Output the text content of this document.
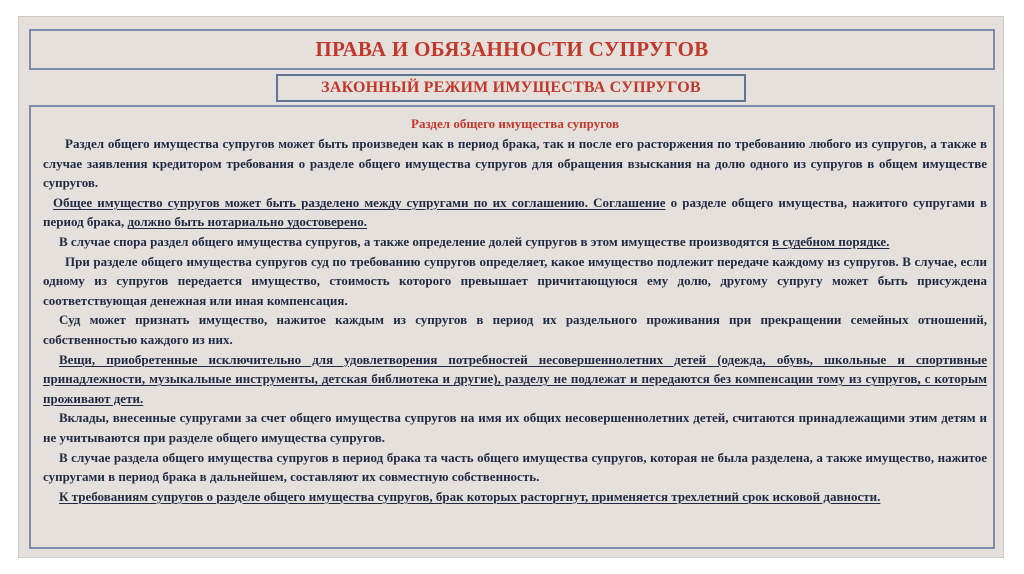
ПРАВА И ОБЯЗАННОСТИ СУПРУГОВ
ЗАКОННЫЙ РЕЖИМ ИМУЩЕСТВА СУПРУГОВ

Раздел общего имущества супругов

Раздел общего имущества супругов может быть произведен как в период брака, так и после его расторжения по требованию любого из супругов, а также в случае заявления кредитором требования о разделе общего имущества супругов для обращения взыскания на долю одного из супругов в общем имуществе супругов.

Общее имущество супругов может быть разделено между супругами по их соглашению. Соглашение о разделе общего имущества, нажитого супругами в период брака, должно быть нотариально удостоверено.

В случае спора раздел общего имущества супругов, а также определение долей супругов в этом имуществе производятся в судебном порядке.

При разделе общего имущества супругов суд по требованию супругов определяет, какое имущество подлежит передаче каждому из супругов. В случае, если одному из супругов передается имущество, стоимость которого превышает причитающуюся ему долю, другому супругу может быть присуждена соответствующая денежная или иная компенсация.

Суд может признать имущество, нажитое каждым из супругов в период их раздельного проживания при прекращении семейных отношений, собственностью каждого из них.

Вещи, приобретенные исключительно для удовлетворения потребностей несовершеннолетних детей (одежда, обувь, школьные и спортивные принадлежности, музыкальные инструменты, детская библиотека и другие), разделу не подлежат и передаются без компенсации тому из супругов, с которым проживают дети.

Вклады, внесенные супругами за счет общего имущества супругов на имя их общих несовершеннолетних детей, считаются принадлежащими этим детям и не учитываются при разделе общего имущества супругов.

В случае раздела общего имущества супругов в период брака та часть общего имущества супругов, которая не была разделена, а также имущество, нажитое супругами в период брака в дальнейшем, составляют их совместную собственность.

К требованиям супругов о разделе общего имущества супругов, брак которых расторгнут, применяется трехлетний срок исковой давности.
